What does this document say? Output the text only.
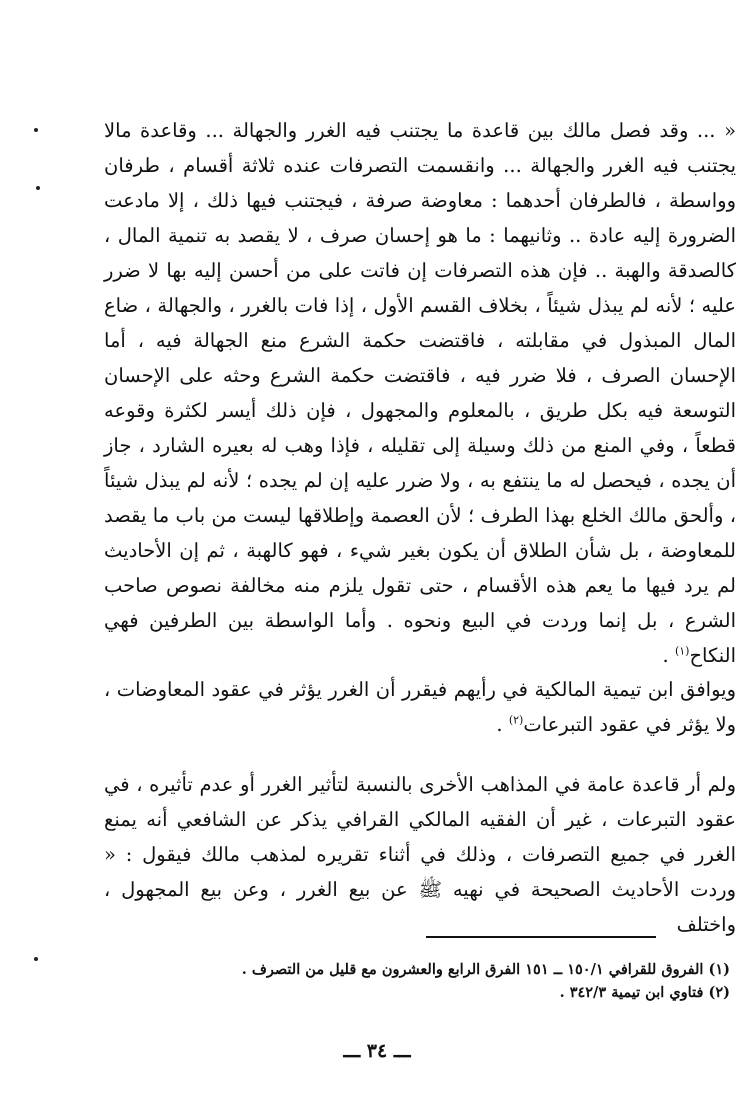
« ... وقد فصل مالك بين قاعدة ما يجتنب فيه الغرر والجهالة ... وقاعدة مالا يجتنب فيه الغرر والجهالة ... وانقسمت التصرفات عنده ثلاثة أقسام ، طرفان وواسطة ، فالطرفان أحدهما : معاوضة صرفة ، فيجتنب فيها ذلك ، إلا مادعت الضرورة إليه عادة .. وثانيهما : ما هو إحسان صرف ، لا يقصد به تنمية المال ، كالصدقة والهبة .. فإن هذه التصرفات إن فاتت على من أحسن إليه بها لا ضرر عليه ؛ لأنه لم يبذل شيئاً ، بخلاف القسم الأول ، إذا فات بالغرر ، والجهالة ، ضاع المال المبذول في مقابلته ، فاقتضت حكمة الشرع منع الجهالة فيه ، أما الإحسان الصرف ، فلا ضرر فيه ، فاقتضت حكمة الشرع وحثه على الإحسان التوسعة فيه بكل طريق ، بالمعلوم والمجهول ، فإن ذلك أيسر لكثرة وقوعه قطعاً ، وفي المنع من ذلك وسيلة إلى تقليله ، فإذا وهب له بعيره الشارد ، جاز أن يجده ، فيحصل له ما ينتفع به ، ولا ضرر عليه إن لم يجده ؛ لأنه لم يبذل شيئاً ، وألحق مالك الخلع بهذا الطرف ؛ لأن العصمة وإطلاقها ليست من باب ما يقصد للمعاوضة ، بل شأن الطلاق أن يكون بغير شيء ، فهو كالهبة ، ثم إن الأحاديث لم يرد فيها ما يعم هذه الأقسام ، حتى تقول يلزم منه مخالفة نصوص صاحب الشرع ، بل إنما وردت في البيع ونحوه . وأما الواسطة بين الطرفين فهي النكاح$^{(١)}$ .

ويوافق ابن تيمية المالكية في رأيهم فيقرر أن الغرر يؤثر في عقود المعاوضات ، ولا يؤثر في عقود التبرعات$^{(٢)}$ .

ولم أر قاعدة عامة في المذاهب الأخرى بالنسبة لتأثير الغرر أو عدم تأثيره ، في عقود التبرعات ، غير أن الفقيه المالكي القرافي يذكر عن الشافعي أنه يمنع الغرر في جميع التصرفات ، وذلك في أثناء تقريره لمذهب مالك فيقول : « وردت الأحاديث الصحيحة في نهيه ﷺ عن بيع الغرر ، وعن بيع المجهول ، واختلف

(١) الفروق للقرافي ١٥٠/١ ــ ١٥١ الفرق الرابع والعشرون مع قليل من التصرف .
(٢) فتاوي ابن تيمية ٣٤٢/٣ .
ـــ ٣٤ ـــ
